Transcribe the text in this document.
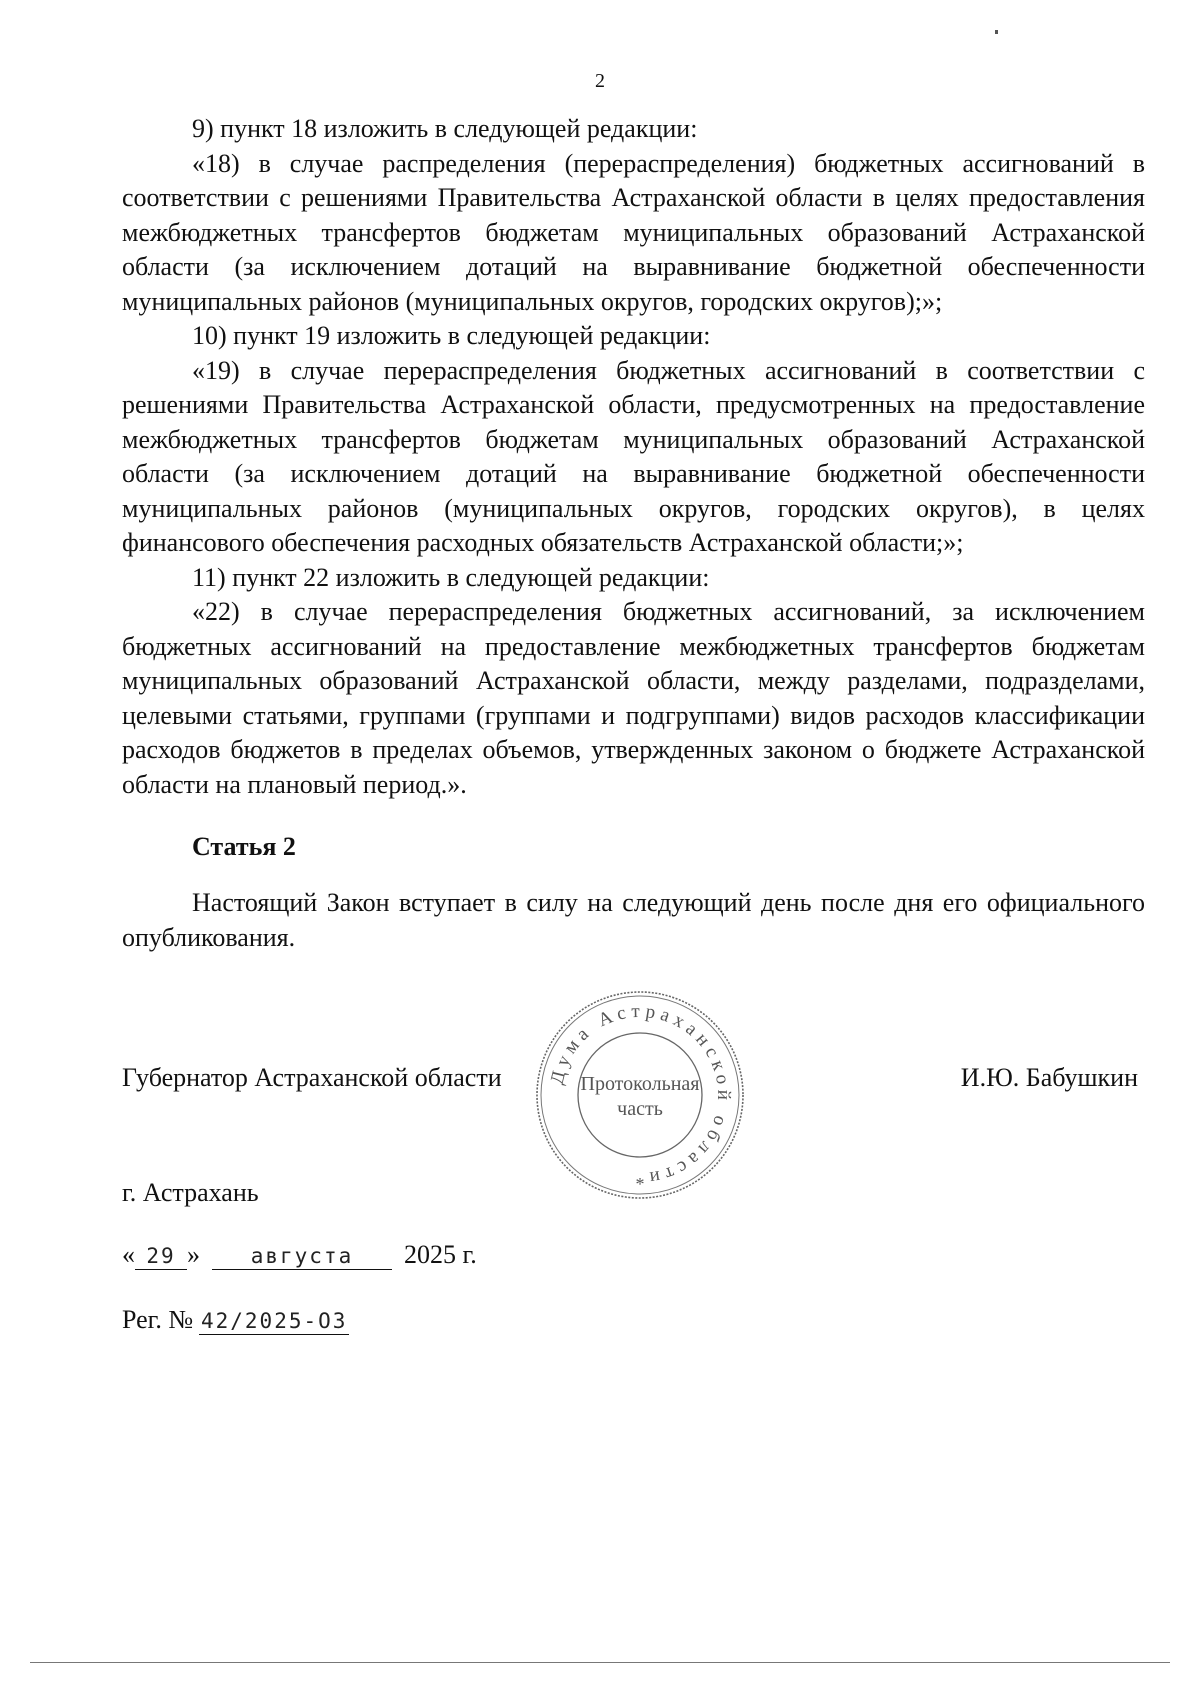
2

9) пункт 18 изложить в следующей редакции:

«18) в случае распределения (перераспределения) бюджетных ассигнований в соответствии с решениями Правительства Астраханской области в целях предоставления межбюджетных трансфертов бюджетам муниципальных образований Астраханской области (за исключением дотаций на выравнивание бюджетной обеспеченности муниципальных районов (муниципальных округов, городских округов);»;

10) пункт 19 изложить в следующей редакции:

«19) в случае перераспределения бюджетных ассигнований в соответствии с решениями Правительства Астраханской области, предусмотренных на предоставление межбюджетных трансфертов бюджетам муниципальных образований Астраханской области (за исключением дотаций на выравнивание бюджетной обеспеченности муниципальных районов (муниципальных округов, городских округов), в целях финансового обеспечения расходных обязательств Астраханской области;»;

11) пункт 22 изложить в следующей редакции:

«22) в случае перераспределения бюджетных ассигнований, за исключением бюджетных ассигнований на предоставление межбюджетных трансфертов бюджетам муниципальных образований Астраханской области, между разделами, подразделами, целевыми статьями, группами (группами и подгруппами) видов расходов классификации расходов бюджетов в пределах объемов, утвержденных законом о бюджете Астраханской области на плановый период.».

Статья 2
Настоящий Закон вступает в силу на следующий день после дня его официального опубликования.
Губернатор Астраханской области	И.Ю. Бабушкин
Дума Астраханской области
Протокольная
часть
*
г. Астрахань
« 29 » августа 2025 г.
Рег. № 42/2025-ОЗ
